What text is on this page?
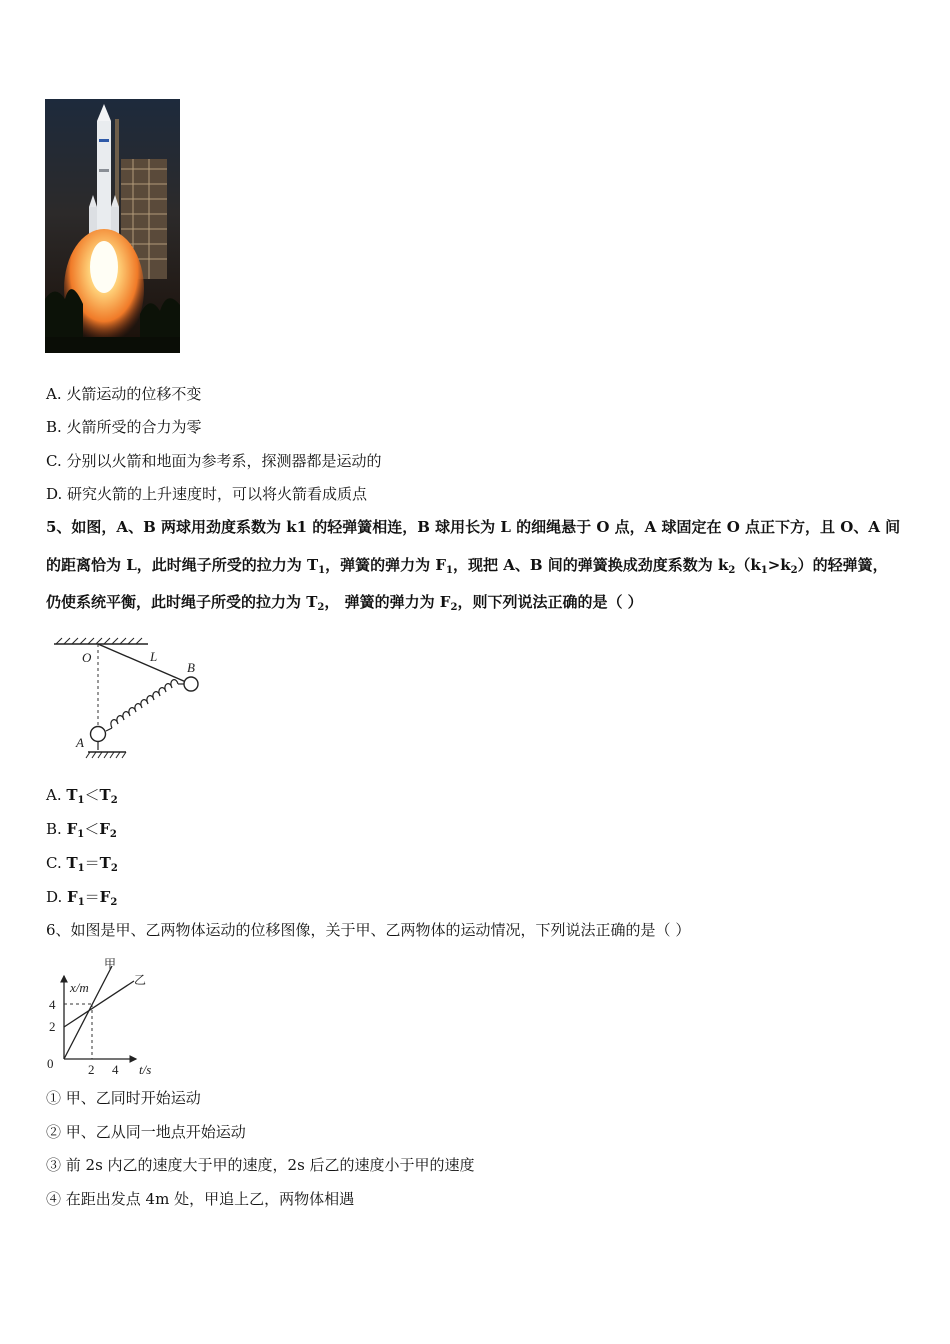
A. 火箭运动的位移不变
B. 火箭所受的合力为零
C. 分别以火箭和地面为参考系，探测器都是运动的
D. 研究火箭的上升速度时，可以将火箭看成质点
5、如图，A、B 两球用劲度系数为 k1 的轻弹簧相连，B 球用长为 L 的细绳悬于 O 点，A 球固定在 O 点正下方，且 O、A 间
的距离恰为 L，此时绳子所受的拉力为 $T_1$，弹簧的弹力为 $F_1$，现把 A、B 间的弹簧换成劲度系数为 $k_2(k_1>k_2)$的轻弹簧，
仍使系统平衡，此时绳子所受的拉力为 $T_2$， 弹簧的弹力为 $F_2$，则下列说法正确的是（ ）
O	L
B
A
A. $T_1<T_2$
B. $F_1<F_2$
C. $T_1=T_2$
D. $F_1=F_2$
6、如图是甲、乙两物体运动的位移图像，关于甲、乙两物体的运动情况，下列说法正确的是（ ）
甲
乙
x/m
t/s
0
4
2
2 4
① 甲、乙同时开始运动
② 甲、乙从同一地点开始运动
③ 前 2s 内乙的速度大于甲的速度，2s 后乙的速度小于甲的速度
④ 在距出发点 4m 处，甲追上乙，两物体相遇
